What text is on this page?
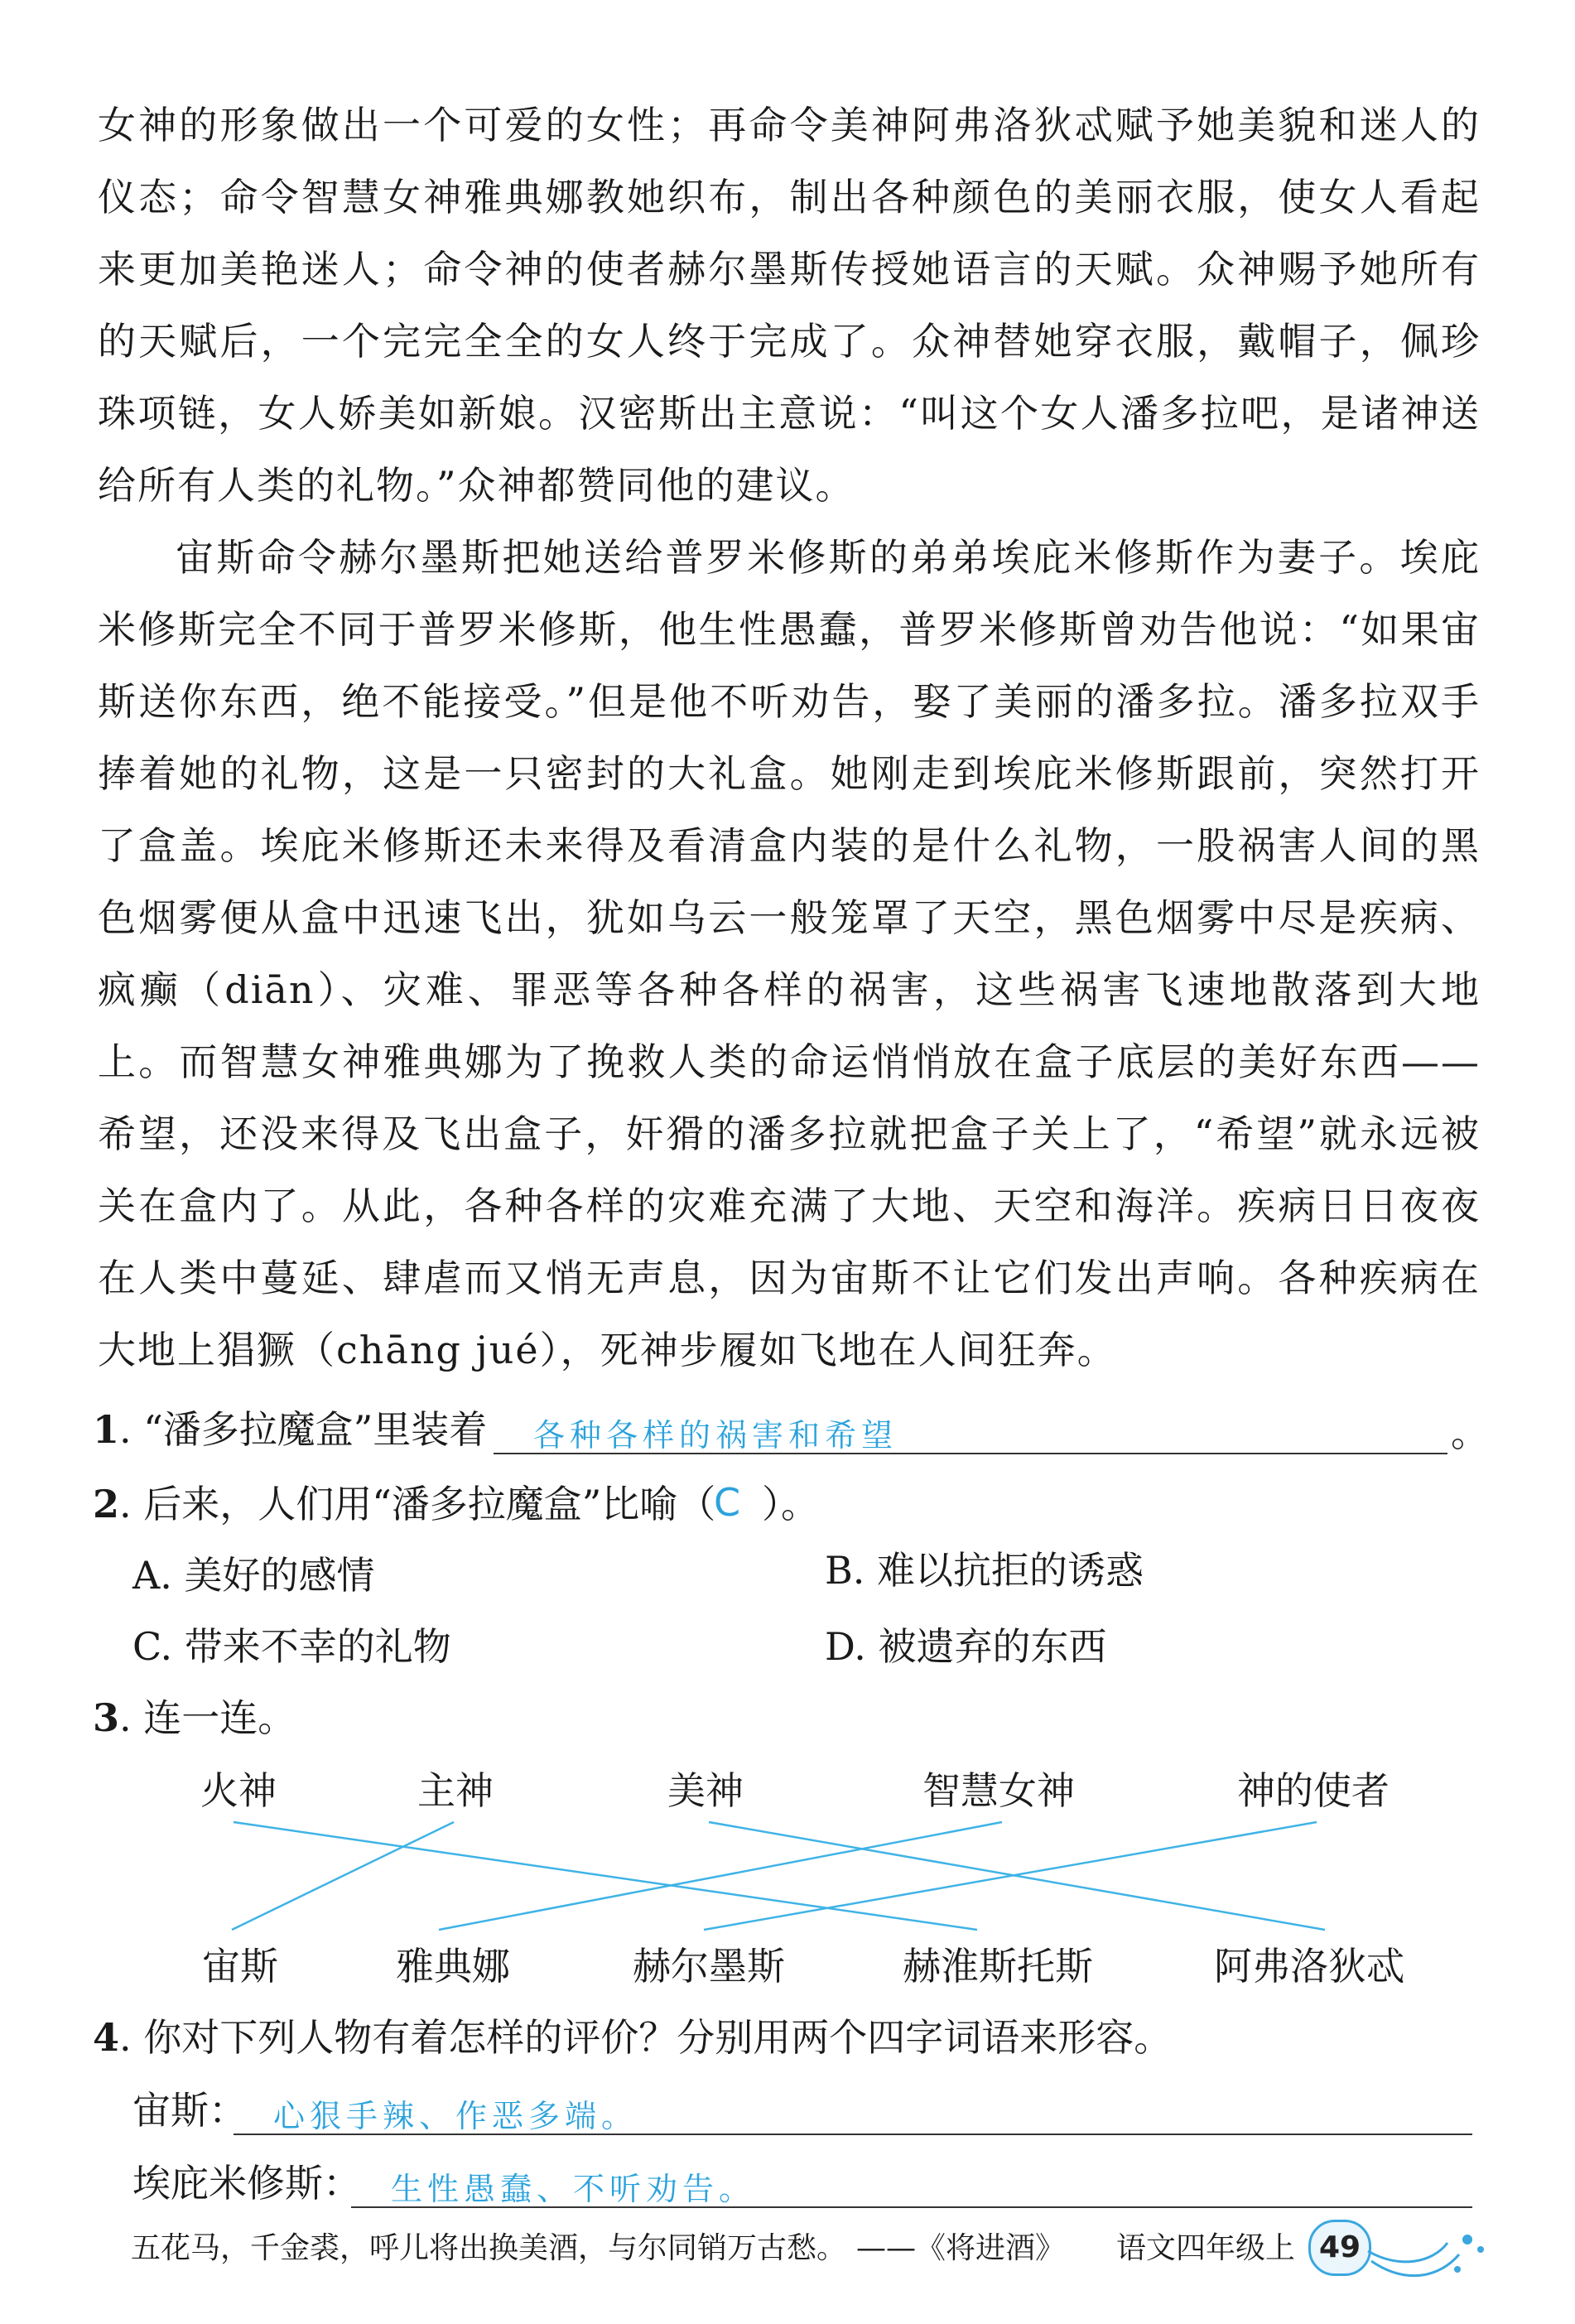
女神的形象做出一个可爱的女性；再命令美神阿弗洛狄忒赋予她美貌和迷人的仪态；命令智慧女神雅典娜教她织布，制出各种颜色的美丽衣服，使女人看起来更加美艳迷人；命令神的使者赫尔墨斯传授她语言的天赋。众神赐予她所有的天赋后，一个完完全全的女人终于完成了。众神替她穿衣服，戴帽子，佩珍珠项链，女人娇美如新娘。汉密斯出主意说：“叫这个女人潘多拉吧，是诸神送给所有人类的礼物。”众神都赞同他的建议。

宙斯命令赫尔墨斯把她送给普罗米修斯的弟弟埃庇米修斯作为妻子。埃庇米修斯完全不同于普罗米修斯，他生性愚蠢，普罗米修斯曾劝告他说：“如果宙斯送你东西，绝不能接受。”但是他不听劝告，娶了美丽的潘多拉。潘多拉双手捧着她的礼物，这是一只密封的大礼盒。她刚走到埃庇米修斯跟前，突然打开了盒盖。埃庇米修斯还未来得及看清盒内装的是什么礼物，一股祸害人间的黑色烟雾便从盒中迅速飞出，犹如乌云一般笼罩了天空，黑色烟雾中尽是疾病、疯癫（diān）、灾难、罪恶等各种各样的祸害，这些祸害飞速地散落到大地上。而智慧女神雅典娜为了挽救人类的命运悄悄放在盒子底层的美好东西——希望，还没来得及飞出盒子，奸猾的潘多拉就把盒子关上了，“希望”就永远被关在盒内了。从此，各种各样的灾难充满了大地、天空和海洋。疾病日日夜夜在人类中蔓延、肆虐而又悄无声息，因为宙斯不让它们发出声响。各种疾病在大地上猖獗（chāng jué），死神步履如飞地在人间狂奔。

1. “潘多拉魔盒”里装着 各种各样的祸害和希望	。
2. 后来，人们用“潘多拉魔盒”比喻（
C ）。
A. 美好的感情	B. 难以抗拒的诱惑
C. 带来不幸的礼物	D. 被遗弃的东西
3. 连一连。
火神	主神	美神	智慧女神	神的使者
宙斯	雅典娜	赫尔墨斯	赫淮斯托斯	阿弗洛狄忒
4. 你对下列人物有着怎样的评价？分别用两个四字词语来形容。
宙斯： 心狠手辣、作恶多端。
埃庇米修斯： 生性愚蠢、不听劝告。
五花马，千金裘，呼儿将出换美酒，与尔同销万古愁。 ——《将进酒》 语文四年级上 49
